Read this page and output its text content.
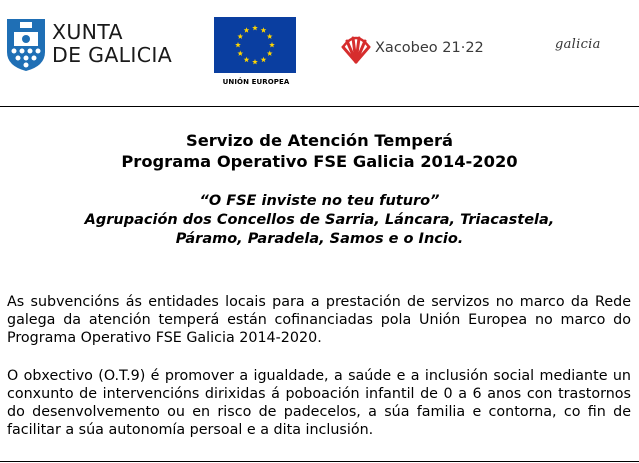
XUNTA
DE GALICIA
UNIÓN EUROPEA
Xacobeo 21·22	galicia
Servizo de Atención Temperá
Programa Operativo FSE Galicia 2014-2020
“O FSE inviste no teu futuro”
Agrupación dos Concellos de Sarria, Láncara, Triacastela,
Páramo, Paradela, Samos e o Incio.
As subvencións ás entidades locais para a prestación de servizos no marco da Rede galega da atención temperá están cofinanciadas pola Unión Europea no marco do Programa Operativo FSE Galicia 2014-2020.
O obxectivo (O.T.9) é promover a igualdade, a saúde e a inclusión social mediante un conxunto de intervencións dirixidas á poboación infantil de 0 a 6 anos con trastornos do desenvolvemento ou en risco de padecelos, a súa familia e contorna, co fin de facilitar a súa autonomía persoal e a dita inclusión.
